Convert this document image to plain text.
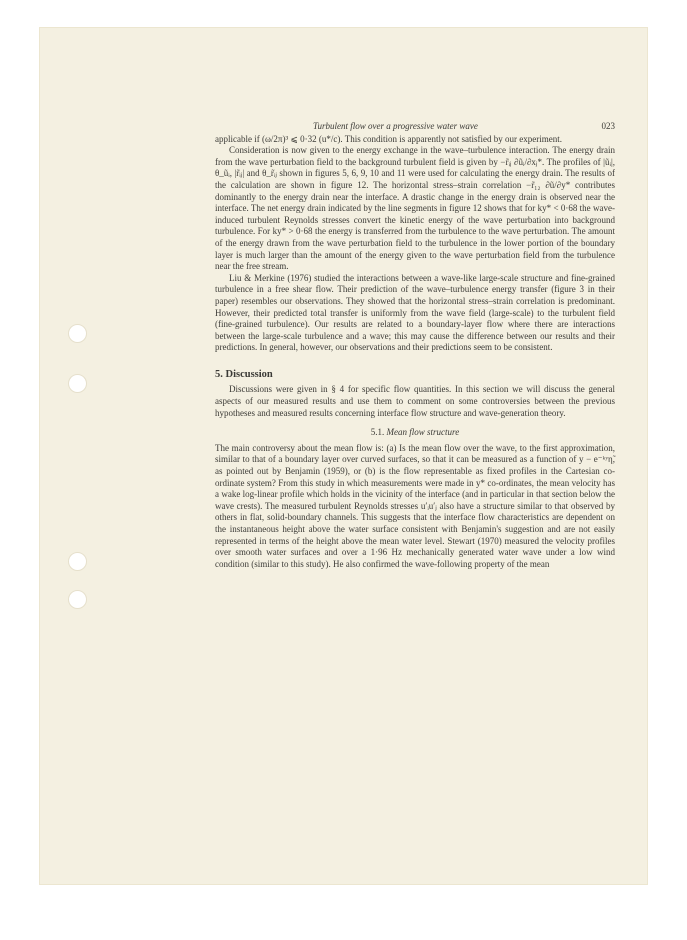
Turbulent flow over a progressive water wave	023

applicable if (ω/2π)³ ⩽ 0·32 (u*/c). This condition is apparently not satisfied by our experiment.

Consideration is now given to the energy exchange in the wave–turbulence interaction. The energy drain from the wave perturbation field to the background turbulent field is given by −r̃ᵢⱼ ∂ũᵢ/∂xⱼ*. The profiles of |ũᵢ|, θ_ũᵢ, |r̃ᵢⱼ| and θ_r̃ᵢⱼ shown in figures 5, 6, 9, 10 and 11 were used for calculating the energy drain. The results of the calculation are shown in figure 12. The horizontal stress–strain correlation −r̃₁₂ ∂ũ/∂y* contributes dominantly to the energy drain near the interface. A drastic change in the energy drain is observed near the interface. The net energy drain indicated by the line segments in figure 12 shows that for ky* < 0·68 the wave-induced turbulent Reynolds stresses convert the kinetic energy of the wave perturbation into background turbulence. For ky* > 0·68 the energy is transferred from the turbulence to the wave perturbation. The amount of the energy drawn from the wave perturbation field to the turbulence in the lower portion of the boundary layer is much larger than the amount of the energy given to the wave perturbation field from the turbulence near the free stream.

Liu & Merkine (1976) studied the interactions between a wave-like large-scale structure and fine-grained turbulence in a free shear flow. Their prediction of the wave–turbulence energy transfer (figure 3 in their paper) resembles our observations. They showed that the horizontal stress–strain correlation is predominant. However, their predicted total transfer is uniformly from the wave field (large-scale) to the turbulent field (fine-grained turbulence). Our results are related to a boundary-layer flow where there are interactions between the large-scale turbulence and a wave; this may cause the difference between our results and their predictions. In general, however, our observations and their predictions seem to be consistent.

5. Discussion

Discussions were given in § 4 for specific flow quantities. In this section we will discuss the general aspects of our measured results and use them to comment on some controversies between the previous hypotheses and measured results concerning interface flow structure and wave-generation theory.

5.1. Mean flow structure

The main controversy about the mean flow is: (a) Is the mean flow over the wave, to the first approximation, similar to that of a boundary layer over curved surfaces, so that it can be measured as a function of y − e⁻ᵏʸη̃, as pointed out by Benjamin (1959), or (b) is the flow representable as fixed profiles in the Cartesian co-ordinate system? From this study in which measurements were made in y* co-ordinates, the mean velocity has a wake log-linear profile which holds in the vicinity of the interface (and in particular in that section below the wave crests). The measured turbulent Reynolds stresses u′ᵢu′ⱼ also have a structure similar to that observed by others in flat, solid-boundary channels. This suggests that the interface flow characteristics are dependent on the instantaneous height above the water surface consistent with Benjamin's suggestion and are not easily represented in terms of the height above the mean water level. Stewart (1970) measured the velocity profiles over smooth water surfaces and over a 1·96 Hz mechanically generated water wave under a low wind condition (similar to this study). He also confirmed the wave-following property of the mean
